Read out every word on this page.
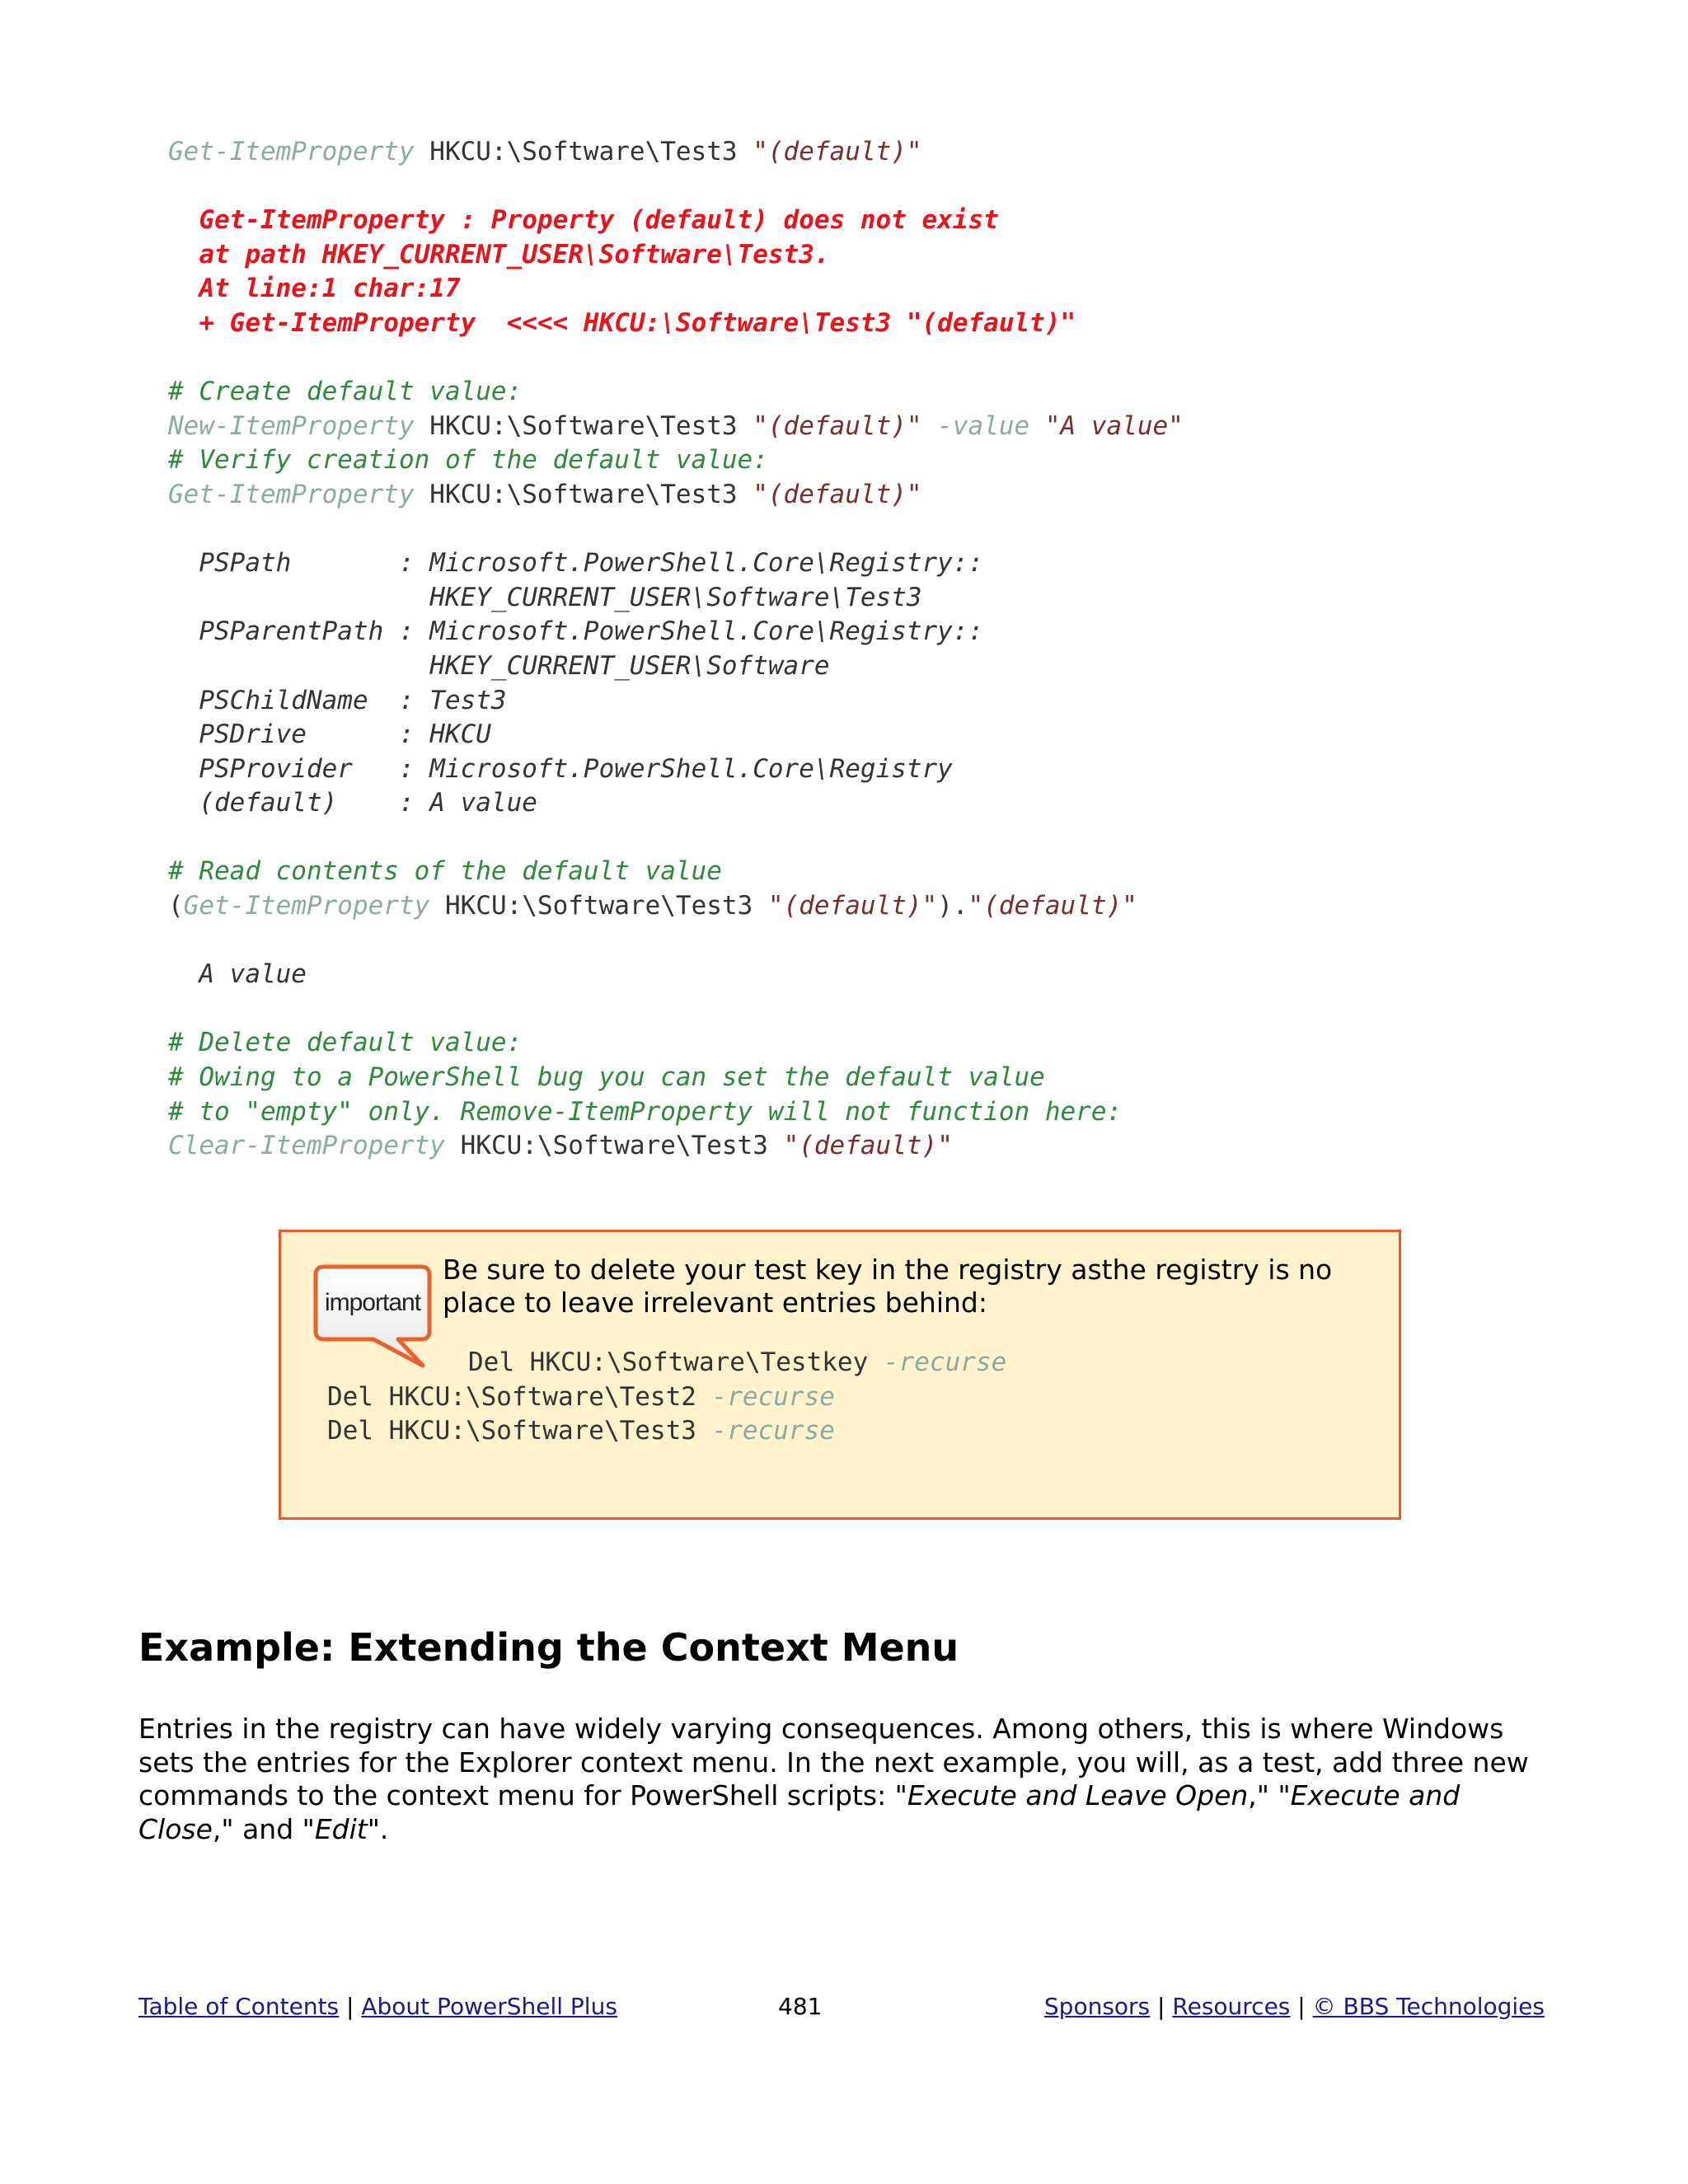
Get-ItemProperty HKCU:\Software\Test3 "(default)"
Get-ItemProperty : Property (default) does not exist
at path HKEY_CURRENT_USER\Software\Test3.
At line:1 char:17
+ Get-ItemProperty  <<<< HKCU:\Software\Test3 "(default)"
# Create default value:
New-ItemProperty HKCU:\Software\Test3 "(default)" -value "A value"
# Verify creation of the default value:
Get-ItemProperty HKCU:\Software\Test3 "(default)"
PSPath       : Microsoft.PowerShell.Core\Registry::
HKEY_CURRENT_USER\Software\Test3
PSParentPath : Microsoft.PowerShell.Core\Registry::
HKEY_CURRENT_USER\Software
PSChildName  : Test3
PSDrive      : HKCU
PSProvider   : Microsoft.PowerShell.Core\Registry
(default)    : A value
# Read contents of the default value
(Get-ItemProperty HKCU:\Software\Test3 "(default)")."(default)"
A value
# Delete default value:
# Owing to a PowerShell bug you can set the default value
# to "empty" only. Remove-ItemProperty will not function here:
Clear-ItemProperty HKCU:\Software\Test3 "(default)"
important
Be sure to delete your test key in the registry asthe registry is no place to leave irrelevant entries behind:
Del HKCU:\Software\Testkey -recurse
Del HKCU:\Software\Test2 -recurse
Del HKCU:\Software\Test3 -recurse
Example: Extending the Context Menu

Entries in the registry can have widely varying consequences. Among others, this is where Windows sets the entries for the Explorer context menu. In the next example, you will, as a test, add three new commands to the context menu for PowerShell scripts: "Execute and Leave Open," "Execute and Close," and "Edit".

Table of Contents | About PowerShell Plus	481	Sponsors | Resources | © BBS Technologies
